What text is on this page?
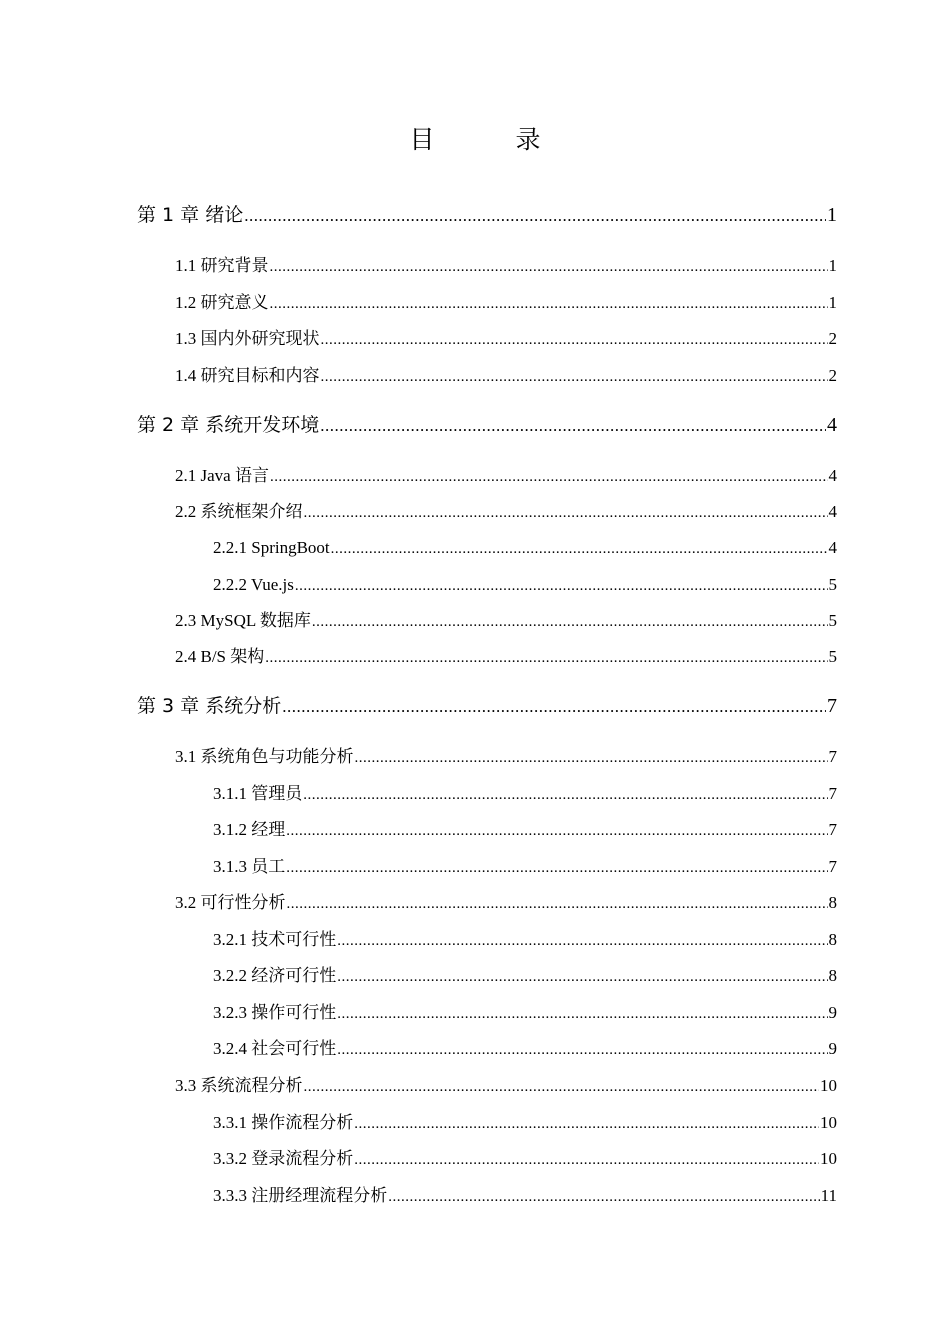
目　录
第 1 章 绪论 .....	1
1.1 研究背景 .....	1
1.2 研究意义 .....	1
1.3 国内外研究现状 .....	2
1.4 研究目标和内容 .....	2
第 2 章 系统开发环境 .....	4
2.1 Java 语言 .....	4
2.2 系统框架介绍 .....	4
2.2.1 SpringBoot .....	4
2.2.2 Vue.js .....	5
2.3 MySQL 数据库 .....	5
2.4 B/S 架构 .....	5
第 3 章 系统分析 .....	7
3.1 系统角色与功能分析 .....	7
3.1.1 管理员 .....	7
3.1.2 经理 .....	7
3.1.3 员工 .....	7
3.2 可行性分析 .....	8
3.2.1 技术可行性 .....	8
3.2.2 经济可行性 .....	8
3.2.3 操作可行性 .....	9
3.2.4 社会可行性 .....	9
3.3 系统流程分析 .....	10
3.3.1 操作流程分析 .....	10
3.3.2 登录流程分析 .....	10
3.3.3 注册经理流程分析 .....	11
